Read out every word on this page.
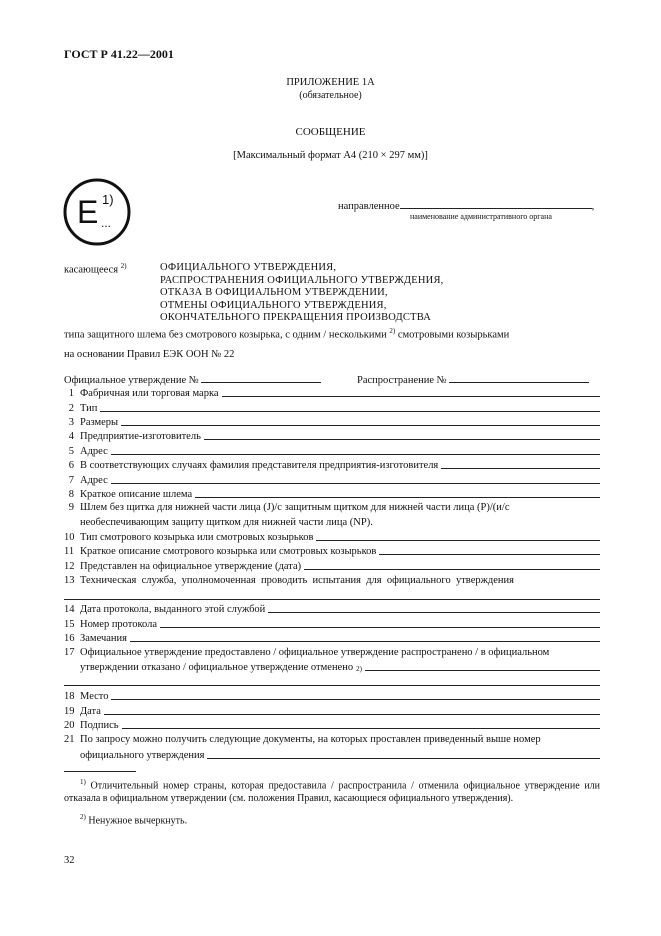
ГОСТ Р 41.22—2001
ПРИЛОЖЕНИЕ 1А
(обязательное)
СООБЩЕНИЕ
[Максимальный формат А4 (210 × 297 мм)]
E 1)
...
направленное	,
наименование административного органа
касающееся $^{2)}$	ОФИЦИАЛЬНОГО УТВЕРЖДЕНИЯ,
РАСПРОСТРАНЕНИЯ ОФИЦИАЛЬНОГО УТВЕРЖДЕНИЯ,
ОТКАЗА В ОФИЦИАЛЬНОМ УТВЕРЖДЕНИИ,
ОТМЕНЫ ОФИЦИАЛЬНОГО УТВЕРЖДЕНИЯ,
ОКОНЧАТЕЛЬНОГО ПРЕКРАЩЕНИЯ ПРОИЗВОДСТВА
типа защитного шлема без смотрового козырька, с одним / несколькими $^{2)}$ смотровыми козырьками
на основании Правил ЕЭК ООН № 22
Официальное утверждение №	Распространение №
1 Фабричная или торговая марка
2 Тип
3 Размеры
4 Предприятие-изготовитель
5 Адрес
6 В соответствующих случаях фамилия представителя предприятия-изготовителя
7 Адрес
8 Краткое описание шлема
9 Шлем без щитка для нижней части лица (J)/с защитным щитком для нижней части лица (P)/(и/с
необеспечивающим защиту щитком для нижней части лица (NP).
10 Тип смотрового козырька или смотровых козырьков
11 Краткое описание смотрового козырька или смотровых козырьков
12 Представлен на официальное утверждение (дата)
13 Техническая  служба,  уполномоченная  проводить  испытания  для  официального  утверждения
14 Дата протокола, выданного этой службой
15 Номер протокола
16 Замечания
17 Официальное утверждение предоставлено / официальное утверждение распространено / в официальном
утверждении отказано / официальное утверждение отменено 2)
18 Место
19 Дата
20 Подпись
21 По запросу можно получить следующие документы, на которых проставлен приведенный выше номер
официального утверждения
$^{1)}$ Отличительный номер страны, которая предоставила / распространила / отменила официальное утверждение или отказала в официальном утверждении (см. положения Правил, касающиеся официального утверждения).
$^{2)}$ Ненужное вычеркнуть.
32
